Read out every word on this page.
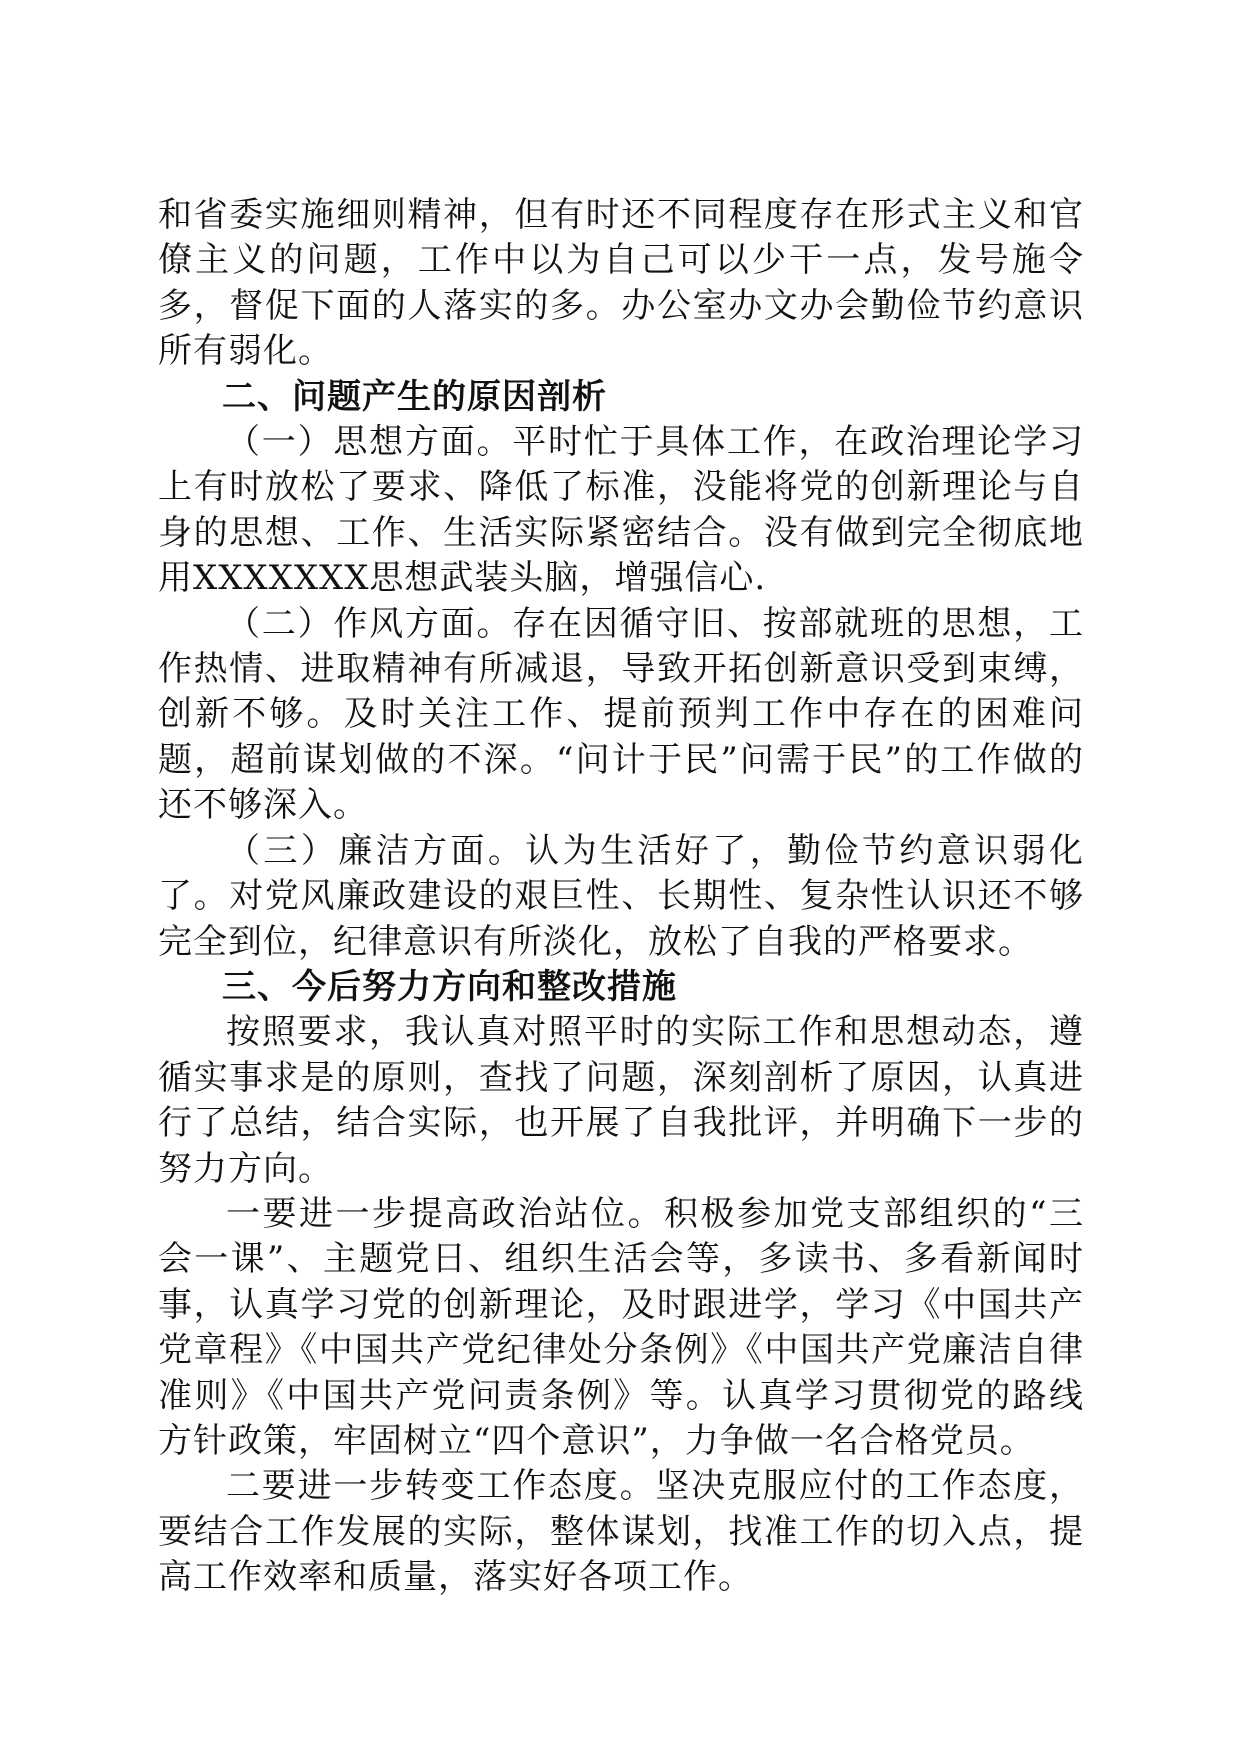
和省委实施细则精神，但有时还不同程度存在形式主义和官僚主义的问题，工作中以为自己可以少干一点，发号施令多，督促下面的人落实的多。办公室办文办会勤俭节约意识所有弱化。

二、问题产生的原因剖析

（一）思想方面。平时忙于具体工作，在政治理论学习上有时放松了要求、降低了标准，没能将党的创新理论与自身的思想、工作、生活实际紧密结合。没有做到完全彻底地用XXXXXXX思想武装头脑，增强信心.

（二）作风方面。存在因循守旧、按部就班的思想，工作热情、进取精神有所减退，导致开拓创新意识受到束缚，创新不够。及时关注工作、提前预判工作中存在的困难问题，超前谋划做的不深。“问计于民”问需于民”的工作做的还不够深入。

（三）廉洁方面。认为生活好了，勤俭节约意识弱化了。对党风廉政建设的艰巨性、长期性、复杂性认识还不够完全到位，纪律意识有所淡化，放松了自我的严格要求。

三、今后努力方向和整改措施

按照要求，我认真对照平时的实际工作和思想动态，遵循实事求是的原则，查找了问题，深刻剖析了原因，认真进行了总结，结合实际，也开展了自我批评，并明确下一步的努力方向。

一要进一步提高政治站位。积极参加党支部组织的“三会一课”、主题党日、组织生活会等，多读书、多看新闻时事，认真学习党的创新理论，及时跟进学，学习《中国共产党章程》《中国共产党纪律处分条例》《中国共产党廉洁自律准则》《中国共产党问责条例》等。认真学习贯彻党的路线方针政策，牢固树立“四个意识”，力争做一名合格党员。

二要进一步转变工作态度。坚决克服应付的工作态度，要结合工作发展的实际，整体谋划，找准工作的切入点，提高工作效率和质量，落实好各项工作。
